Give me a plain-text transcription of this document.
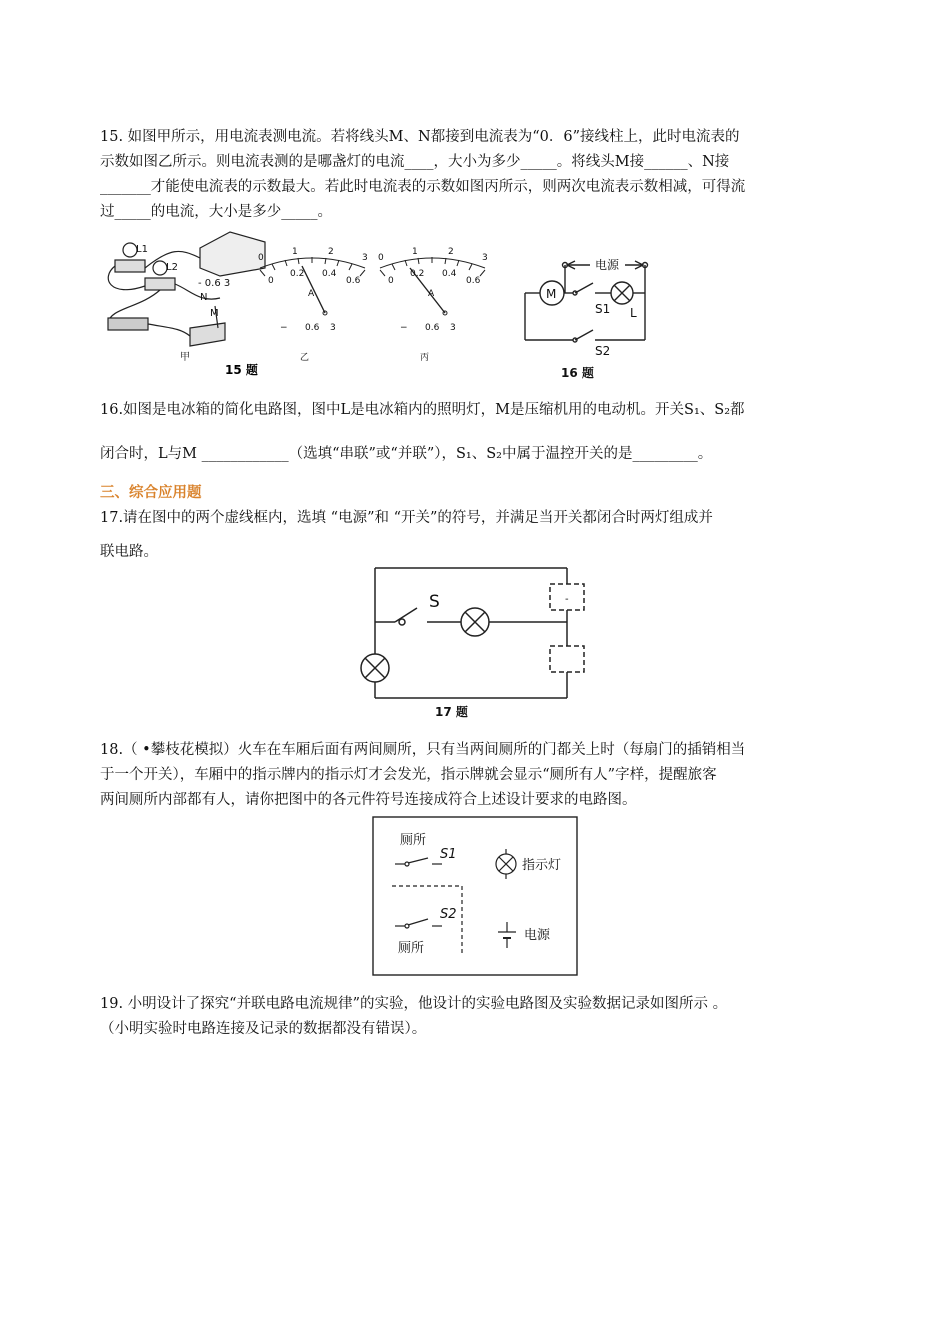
15. 如图甲所示，用电流表测电流。若将线头M、N都接到电流表为“0．6”接线柱上，此时电流表的
示数如图乙所示。则电流表测的是哪盏灯的电流____，大小为多少_____。将线头M接______、N接
_______才能使电流表的示数最大。若此时电流表的示数如图丙所示，则两次电流表示数相减，可得流
过_____的电流，大小是多少_____。
L1
L2
- 0.6 3
N
M
甲
0
1	2
3
0
0.2 0.4
0.6
A
− 0.6 3
乙
0
1	2
3
0
0.2 0.4
0.6
A
− 0.6 3
丙
15 题
电源
M
S1 L
S2
16 题
16.如图是电冰箱的简化电路图，图中L是电冰箱内的照明灯，M是压缩机用的电动机。开关S₁、S₂都
闭合时，L与M ____________（选填“串联”或“并联”），S₁、S₂中属于温控开关的是_________。
三、综合应用题
17.请在图中的两个虚线框内，选填 “电源”和 “开关”的符号，并满足当开关都闭合时两灯组成并
联电路。
-
S
17 题
18.（ •攀枝花模拟）火车在车厢后面有两间厕所，只有当两间厕所的门都关上时（每扇门的插销相当
于一个开关），车厢中的指示牌内的指示灯才会发光，指示牌就会显示“厕所有人”字样，提醒旅客
两间厕所内部都有人，请你把图中的各元件符号连接成符合上述设计要求的电路图。
厕所
S1
S2
厕所
指示灯
电源
19. 小明设计了探究“并联电路电流规律”的实验，他设计的实验电路图及实验数据记录如图所示 。
（小明实验时电路连接及记录的数据都没有错误）。
